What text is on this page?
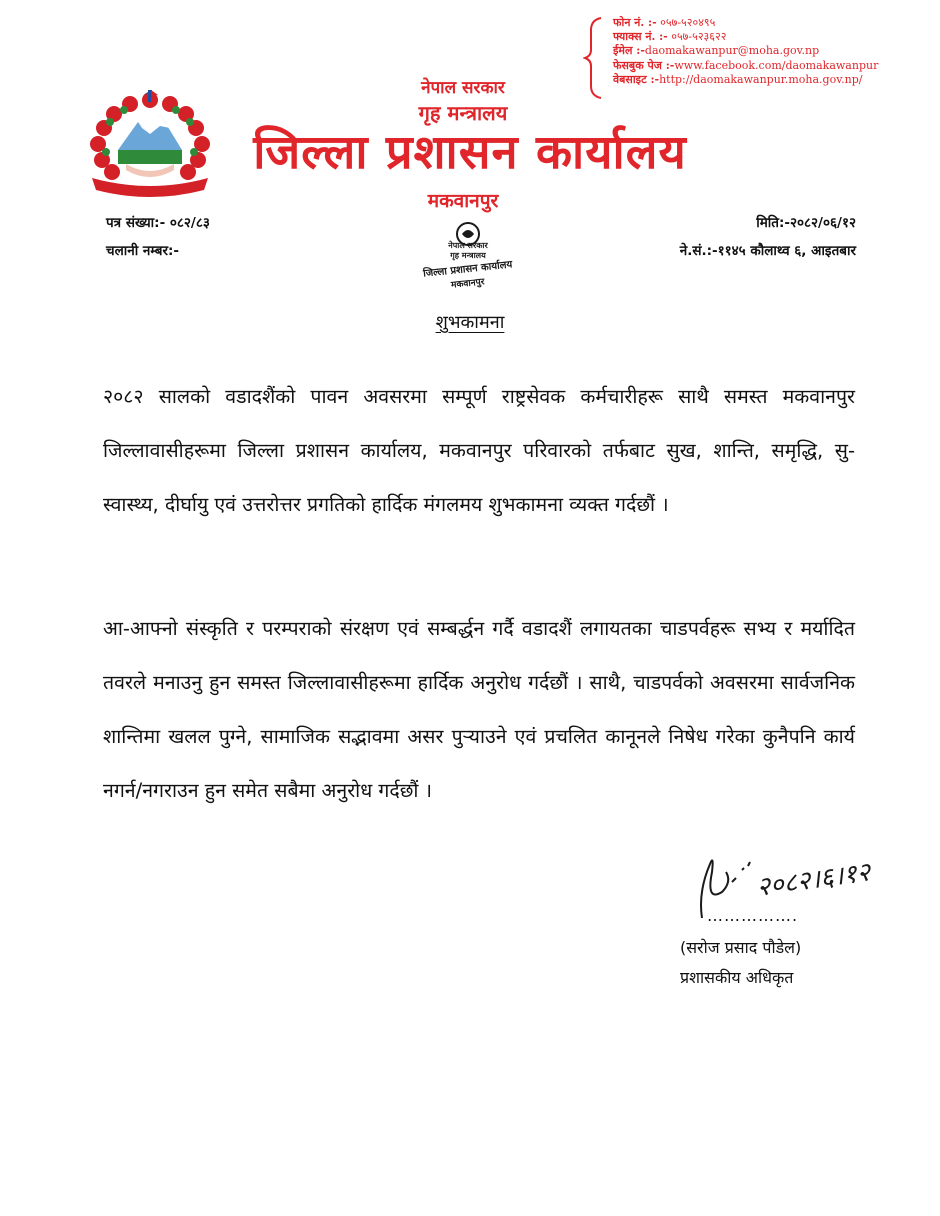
फोन नं. :- ०५७-५२०४९५
फ्याक्स नं. :- ०५७-५२३६२२
ईमेल :-daomakawanpur@moha.gov.np
फेसबुक पेज :-www.facebook.com/daomakawanpur
वेबसाइट :-http://daomakawanpur.moha.gov.np/
नेपाल सरकार
गृह मन्त्रालय
जिल्ला प्रशासन कार्यालय
मकवानपुर
पत्र संख्या:- ०८२/८३
चलानी नम्बर:-
मिति:-२०८२/०६/१२
ने.सं.:-११४५ कौलाथ्व ६, आइतबार
नेपाल सरकार
गृह मन्त्रालय
जिल्ला प्रशासन कार्यालय
मकवानपुर
शुभकामना
२०८२ सालको वडादशैंको पावन अवसरमा सम्पूर्ण राष्ट्रसेवक कर्मचारीहरू साथै समस्त मकवानपुर जिल्लावासीहरूमा जिल्ला प्रशासन कार्यालय, मकवानपुर परिवारको तर्फबाट सुख, शान्ति, समृद्धि, सु-स्वास्थ्य, दीर्घायु एवं उत्तरोत्तर प्रगतिको हार्दिक मंगलमय शुभकामना व्यक्त गर्दछौं ।
आ-आफ्नो संस्कृति र परम्पराको संरक्षण एवं सम्बर्द्धन गर्दै वडादशैं लगायतका चाडपर्वहरू सभ्य र मर्यादित तवरले मनाउनु हुन समस्त जिल्लावासीहरूमा हार्दिक अनुरोध गर्दछौं । साथै, चाडपर्वको अवसरमा सार्वजनिक शान्तिमा खलल पुग्ने, सामाजिक सद्भावमा असर पुऱ्याउने एवं प्रचलित कानूनले निषेध गरेका कुनैपनि कार्य नगर्न/नगराउन हुन समेत सबैमा अनुरोध गर्दछौं ।
२०८२।६।१२
…………….
(सरोज प्रसाद पौडेल)
प्रशासकीय अधिकृत
